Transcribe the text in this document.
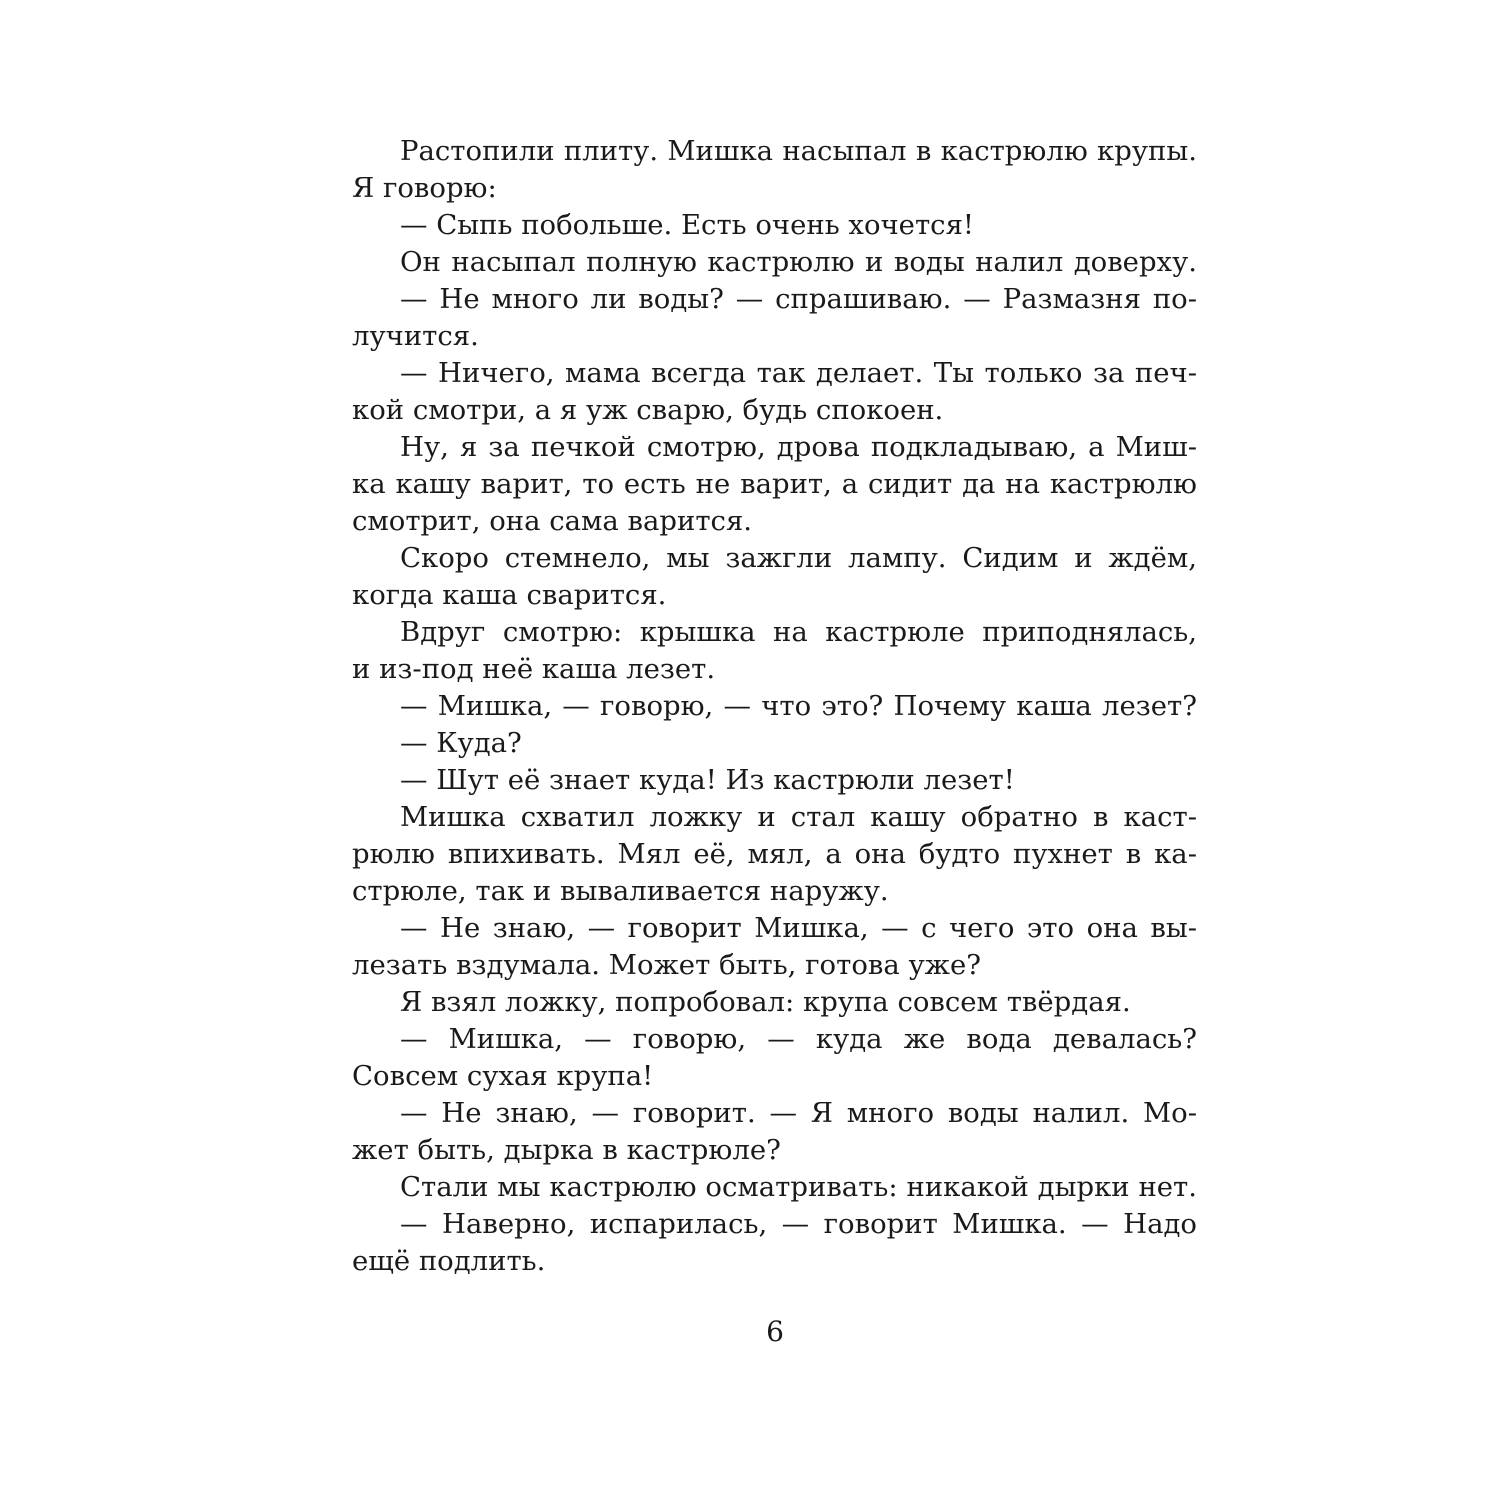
Растопили плиту. Мишка насыпал в кастрюлю крупы.
Я говорю:
— Сыпь побольше. Есть очень хочется!
Он насыпал полную кастрюлю и воды налил доверху.
— Не много ли воды? — спрашиваю. — Размазня по-
лучится.
— Ничего, мама всегда так делает. Ты только за печ-
кой смотри, а я уж сварю, будь спокоен.
Ну, я за печкой смотрю, дрова подкладываю, а Миш-
ка кашу варит, то есть не варит, а сидит да на кастрюлю
смотрит, она сама варится.
Скоро стемнело, мы зажгли лампу. Сидим и ждём,
когда каша сварится.
Вдруг смотрю: крышка на кастрюле приподнялась,
и из-под неё каша лезет.
— Мишка, — говорю, — что это? Почему каша лезет?
— Куда?
— Шут её знает куда! Из кастрюли лезет!
Мишка схватил ложку и стал кашу обратно в каст-
рюлю впихивать. Мял её, мял, а она будто пухнет в ка-
стрюле, так и вываливается наружу.
— Не знаю, — говорит Мишка, — с чего это она вы-
лезать вздумала. Может быть, готова уже?
Я взял ложку, попробовал: крупа совсем твёрдая.
— Мишка, — говорю, — куда же вода девалась?
Совсем сухая крупа!
— Не знаю, — говорит. — Я много воды налил. Мо-
жет быть, дырка в кастрюле?
Стали мы кастрюлю осматривать: никакой дырки нет.
— Наверно, испарилась, — говорит Мишка. — Надо
ещё подлить.
6
